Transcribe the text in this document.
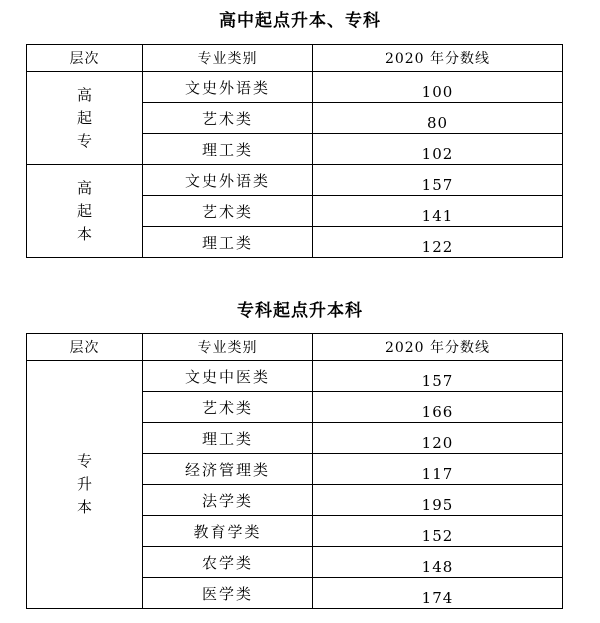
高中起点升本、专科
层次	专业类别	2020 年分数线

高
起
专	文史外语类	100
	艺术类	80
	理工类	102

高
起
本	文史外语类	157
	艺术类	141
	理工类	122
专科起点升本科
层次	专业类别	2020 年分数线

专
升
本	文史中医类	157
	艺术类	166
	理工类	120
	经济管理类	117
	法学类	195
	教育学类	152
	农学类	148
	医学类	174
